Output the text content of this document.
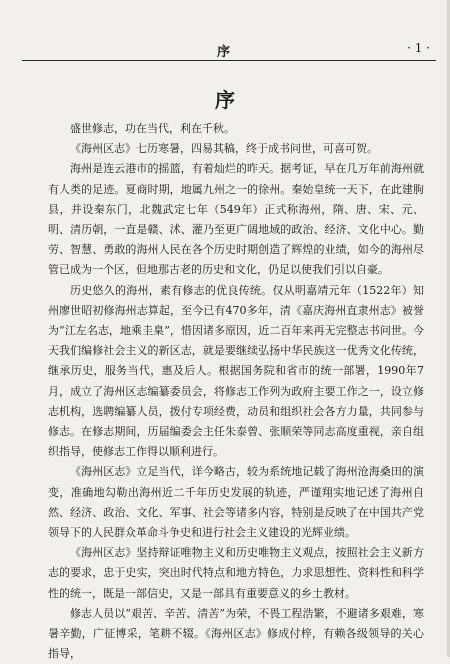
序	· 1 ·
序

盛世修志，功在当代，利在千秋。

《海州区志》七历寒暑，四易其稿，终于成书问世，可喜可贺。

海州是连云港市的摇篮，有着灿烂的昨天。据考证，早在几万年前海州就有人类的足迹。夏商时期，地属九州之一的徐州。秦始皇统一天下，在此建朐县，并设秦东门，北魏武定七年（549年）正式称海州，隋、唐、宋、元、明、清历朝，一直是赣、沭、灌乃至更广阔地域的政治、经济、文化中心。勤劳、智慧、勇敢的海州人民在各个历史时期创造了辉煌的业绩，如今的海州尽管已成为一个区，但地那古老的历史和文化，仍足以使我们引以自豪。

历史悠久的海州，素有修志的优良传统。仅从明嘉靖元年（1522年）知州廖世昭初修海州志算起，至今已有470多年，清《嘉庆海州直隶州志》被誉为“江左名志，地乘圭臬”，惜因诸多原因，近二百年来再无完整志书问世。今天我们编修社会主义的新区志，就是要继续弘扬中华民族这一优秀文化传统，继承历史，服务当代，惠及后人。根据国务院和省市的统一部署，1990年7月，成立了海州区志编纂委员会，将修志工作列为政府主要工作之一，设立修志机构，选聘编纂人员，拨付专项经费，动员和组织社会各方力量，共同参与修志。在修志期间，历届编委会主任朱泰曾、张顺荣等同志高度重视，亲自组织指导，使修志工作得以顺利进行。

《海州区志》立足当代，详今略古，较为系统地记载了海州沧海桑田的演变，准确地勾勒出海州近二千年历史发展的轨迹，严谨翔实地记述了海州自然、经济、政治、文化、军事、社会等诸多内容，特别是反映了在中国共产党领导下的人民群众革命斗争史和进行社会主义建设的光辉业绩。

《海州区志》坚持辩证唯物主义和历史唯物主义观点，按照社会主义新方志的要求，忠于史实，突出时代特点和地方特色，力求思想性、资料性和科学性的统一，既是一部信史，又是一部具有重要意义的乡土教材。

修志人员以“艰苦、辛苦、清苦”为荣，不畏工程浩繁，不避诸多艰难，寒暑辛勤，广征博采，笔耕不辍。《海州区志》修成付梓，有赖各级领导的关心指导，
